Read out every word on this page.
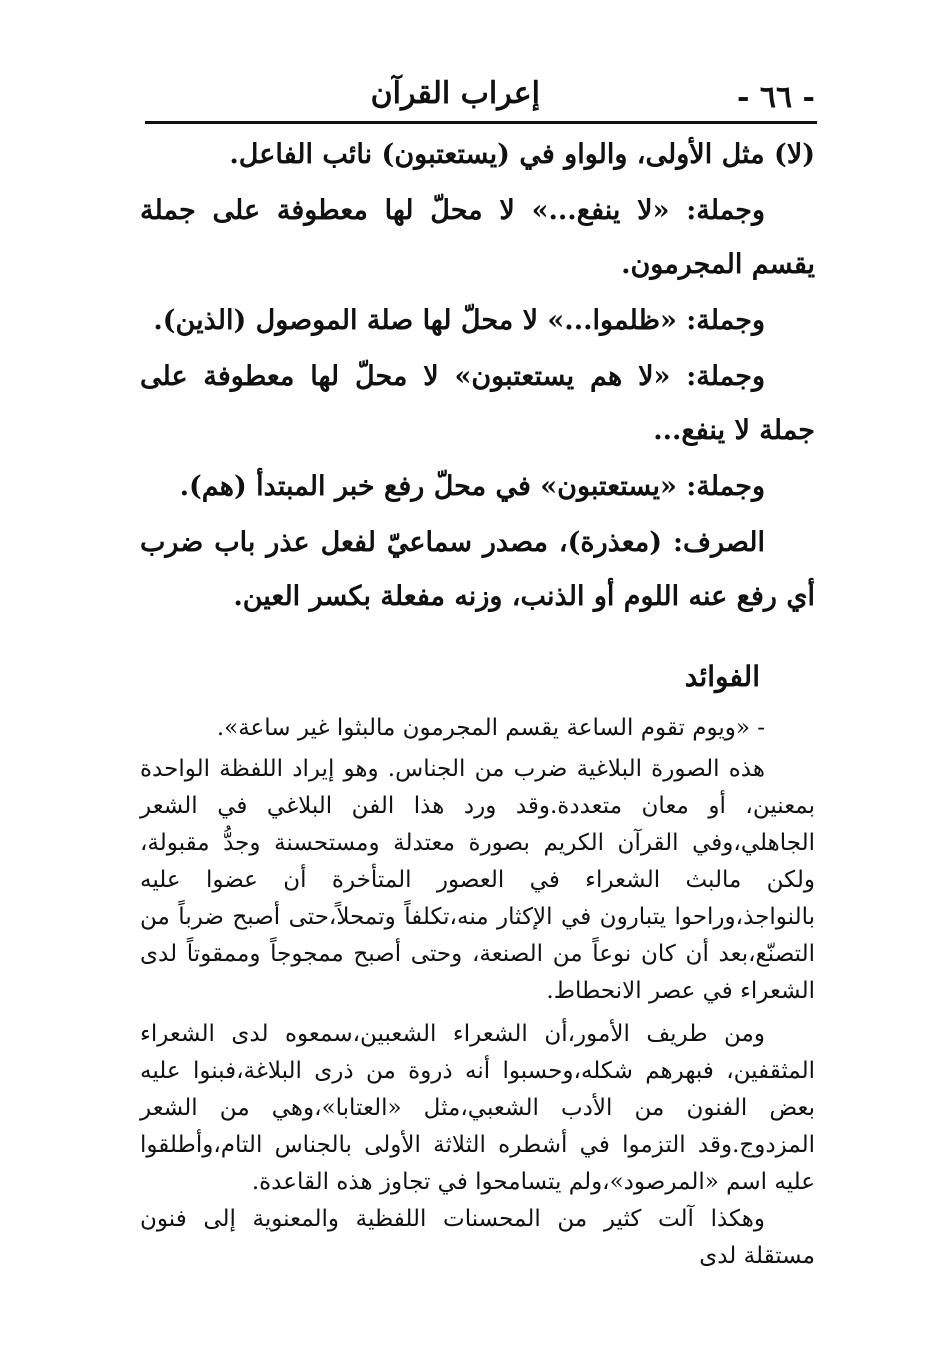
- ٦٦ -
إعراب القرآن

(لا) مثل الأولى، والواو في (يستعتبون) نائب الفاعل.

وجملة: «لا ينفع...» لا محلّ لها معطوفة على جملة يقسم المجرمون.

وجملة: «ظلموا...» لا محلّ لها صلة الموصول (الذين).

وجملة: «لا هم يستعتبون» لا محلّ لها معطوفة على جملة لا ينفع...

وجملة: «يستعتبون» في محلّ رفع خبر المبتدأ (هم).

الصرف: (معذرة)، مصدر سماعيّ لفعل عذر باب ضرب أي رفع عنه اللوم أو الذنب، وزنه مفعلة بكسر العين.

الفوائد

- «ويوم تقوم الساعة يقسم المجرمون مالبثوا غير ساعة».

هذه الصورة البلاغية ضرب من الجناس. وهو إيراد اللفظة الواحدة بمعنين، أو معان متعددة.وقد ورد هذا الفن البلاغي في الشعر الجاهلي،وفي القرآن الكريم بصورة معتدلة ومستحسنة وجدُّ مقبولة، ولكن مالبث الشعراء في العصور المتأخرة أن عضوا عليه بالنواجذ،وراحوا يتبارون في الإكثار منه،تكلفاً وتمحلاً،حتى أصبح ضرباً من التصنّع،بعد أن كان نوعاً من الصنعة، وحتى أصبح ممجوجاً وممقوتاً لدى الشعراء في عصر الانحطاط.

ومن طريف الأمور،أن الشعراء الشعبين،سمعوه لدى الشعراء المثقفين، فبهرهم شكله،وحسبوا أنه ذروة من ذرى البلاغة،فبنوا عليه بعض الفنون من الأدب الشعبي،مثل «العتابا»،وهي من الشعر المزدوج.وقد التزموا في أشطره الثلاثة الأولى بالجناس التام،وأطلقوا عليه اسم «المرصود»،ولم يتسامحوا في تجاوز هذه القاعدة.

وهكذا آلت كثير من المحسنات اللفظية والمعنوية إلى فنون مستقلة لدى
